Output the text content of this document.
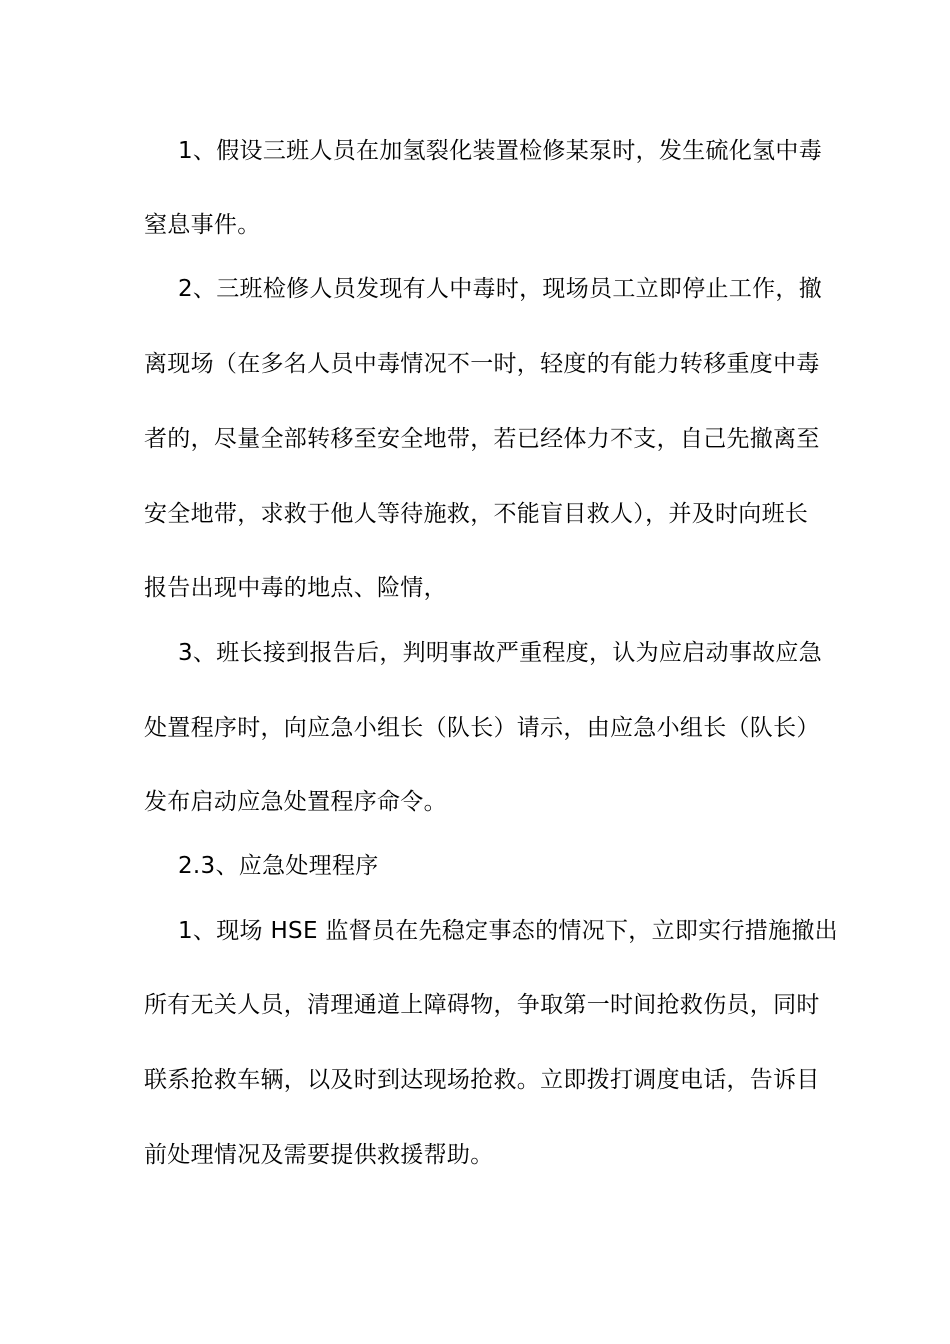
1、假设三班人员在加氢裂化装置检修某泵时，发生硫化氢中毒
窒息事件。
2、三班检修人员发现有人中毒时，现场员工立即停止工作，撤
离现场（在多名人员中毒情况不一时，轻度的有能力转移重度中毒
者的，尽量全部转移至安全地带，若已经体力不支，自己先撤离至
安全地带，求救于他人等待施救，不能盲目救人），并及时向班长
报告出现中毒的地点、险情，
3、班长接到报告后，判明事故严重程度，认为应启动事故应急
处置程序时，向应急小组长（队长）请示，由应急小组长（队长）
发布启动应急处置程序命令。
2.3、应急处理程序
1、现场 HSE 监督员在先稳定事态的情况下，立即实行措施撤出
所有无关人员，清理通道上障碍物，争取第一时间抢救伤员，同时
联系抢救车辆，以及时到达现场抢救。立即拨打调度电话，告诉目
前处理情况及需要提供救援帮助。
